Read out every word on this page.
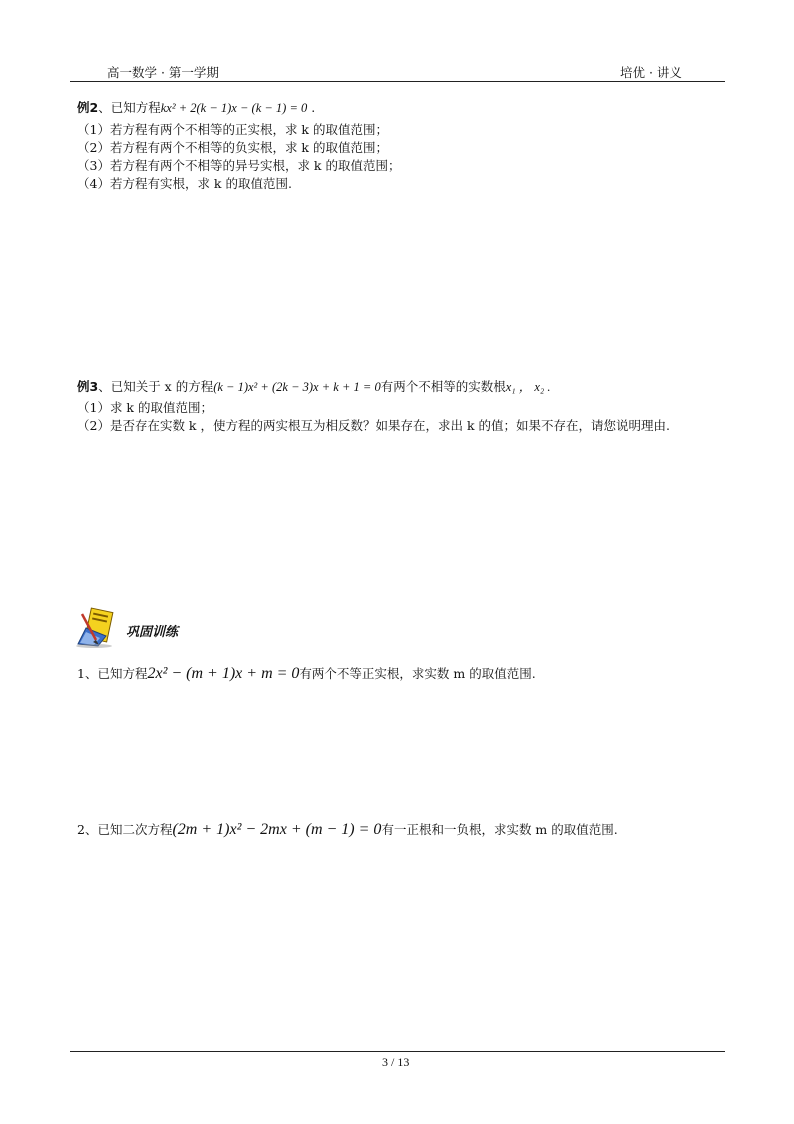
高一数学 · 第一学期	培优 · 讲义
例2、已知方程kx² + 2(k − 1)x − (k − 1) = 0 .
（1）若方程有两个不相等的正实根，求 k 的取值范围；
（2）若方程有两个不相等的负实根，求 k 的取值范围；
（3）若方程有两个不相等的异号实根，求 k 的取值范围；
（4）若方程有实根，求 k 的取值范围.
例3、已知关于 x 的方程(k − 1)x² + (2k − 3)x + k + 1 = 0有两个不相等的实数根x₁ ， x₂ .
（1）求 k 的取值范围；
（2）是否存在实数 k ，使方程的两实根互为相反数？如果存在，求出 k 的值；如果不存在，请您说明理由.
巩固训练
1、已知方程2x² − (m + 1)x + m = 0有两个不等正实根，求实数 m 的取值范围.
2、已知二次方程(2m + 1)x² − 2mx + (m − 1) = 0有一正根和一负根，求实数 m 的取值范围.
3 / 13
